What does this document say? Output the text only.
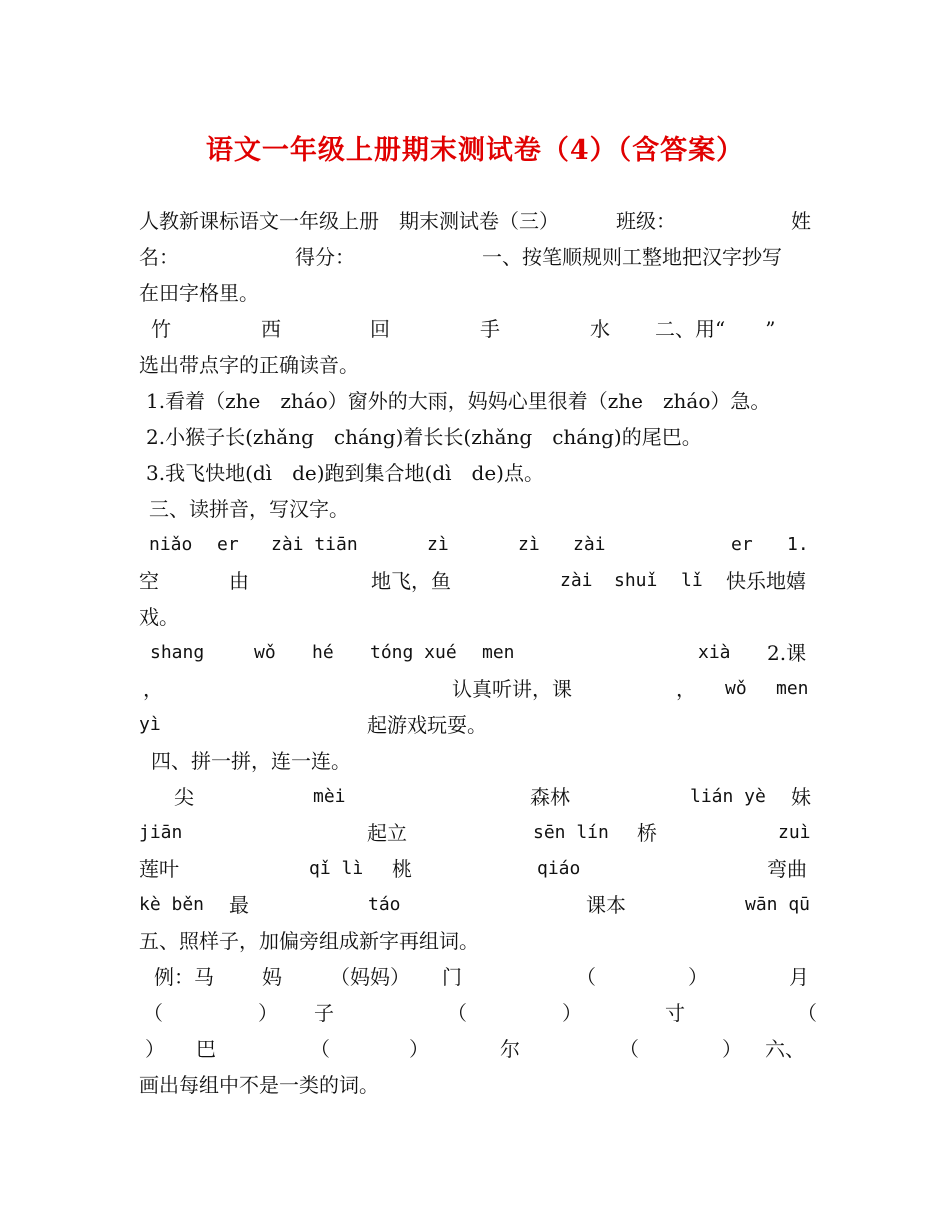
语文一年级上册期末测试卷（4）（含答案）
人教新课标语文一年级上册　期末测试卷（三）	班级：	姓
名：	得分：	一、按笔顺规则工整地把汉字抄写
在田字格里。
竹	西	回	手	水 二、用“　　”
选出带点字的正确读音。
1.看着（zhe　zháo）窗外的大雨，妈妈心里很着（zhe　zháo）急。
2.小猴子长(zhǎng　cháng)着长长(zhǎng　cháng)的尾巴。
3.我飞快地(dì　de)跑到集合地(dì　de)点。
三、读拼音，写汉字。
niǎo er zài tiān	zì	zì zài	er 1.
空	由	地飞，鱼	zài shuǐ lǐ 快乐地嬉
戏。
shang	wǒ hé tóng xué men	xià 2.课
，	认真听讲，课	， wǒ men
yì	起游戏玩耍。
四、拼一拼，连一连。
尖	mèi	森林	lián yè 妹
jiān	起立	sēn lín 桥	zuì
莲叶	qǐ lì 桃	qiáo	弯曲
kè běn 最	táo	课本	wān qū
五、照样子，加偏旁组成新字再组词。
例：马 妈 （妈妈） 门	（	）	月
（	） 子	（	）	寸	（
） 巴	（	）	尔	（	） 六、
画出每组中不是一类的词。
